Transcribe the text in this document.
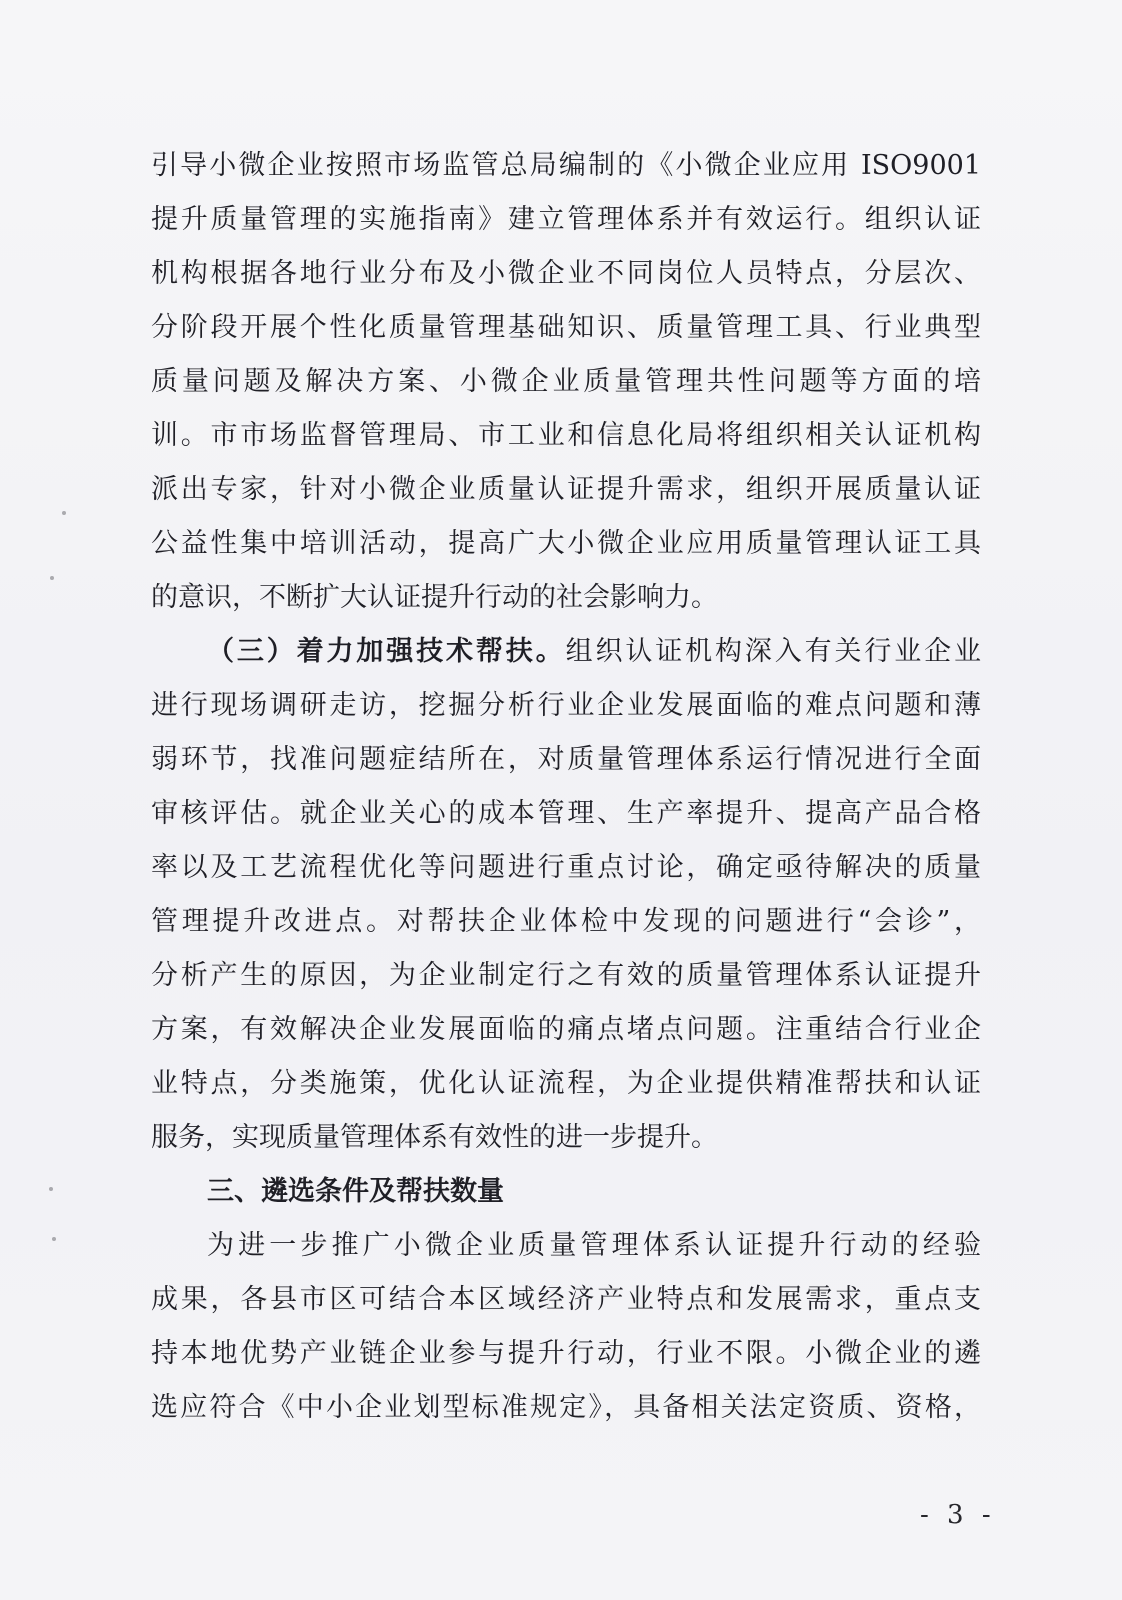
引导小微企业按照市场监管总局编制的《小微企业应用 ISO9001
提升质量管理的实施指南》建立管理体系并有效运行。组织认证
机构根据各地行业分布及小微企业不同岗位人员特点，分层次、
分阶段开展个性化质量管理基础知识、质量管理工具、行业典型
质量问题及解决方案、小微企业质量管理共性问题等方面的培
训。市市场监督管理局、市工业和信息化局将组织相关认证机构
派出专家，针对小微企业质量认证提升需求，组织开展质量认证
公益性集中培训活动，提高广大小微企业应用质量管理认证工具
的意识，不断扩大认证提升行动的社会影响力。
（三）着力加强技术帮扶。组织认证机构深入有关行业企业
进行现场调研走访，挖掘分析行业企业发展面临的难点问题和薄
弱环节，找准问题症结所在，对质量管理体系运行情况进行全面
审核评估。就企业关心的成本管理、生产率提升、提高产品合格
率以及工艺流程优化等问题进行重点讨论，确定亟待解决的质量
管理提升改进点。对帮扶企业体检中发现的问题进行“会诊”，
分析产生的原因，为企业制定行之有效的质量管理体系认证提升
方案，有效解决企业发展面临的痛点堵点问题。注重结合行业企
业特点，分类施策，优化认证流程，为企业提供精准帮扶和认证
服务，实现质量管理体系有效性的进一步提升。
三、遴选条件及帮扶数量
为进一步推广小微企业质量管理体系认证提升行动的经验
成果，各县市区可结合本区域经济产业特点和发展需求，重点支
持本地优势产业链企业参与提升行动，行业不限。小微企业的遴
选应符合《中小企业划型标准规定》，具备相关法定资质、资格，
- 3 -
